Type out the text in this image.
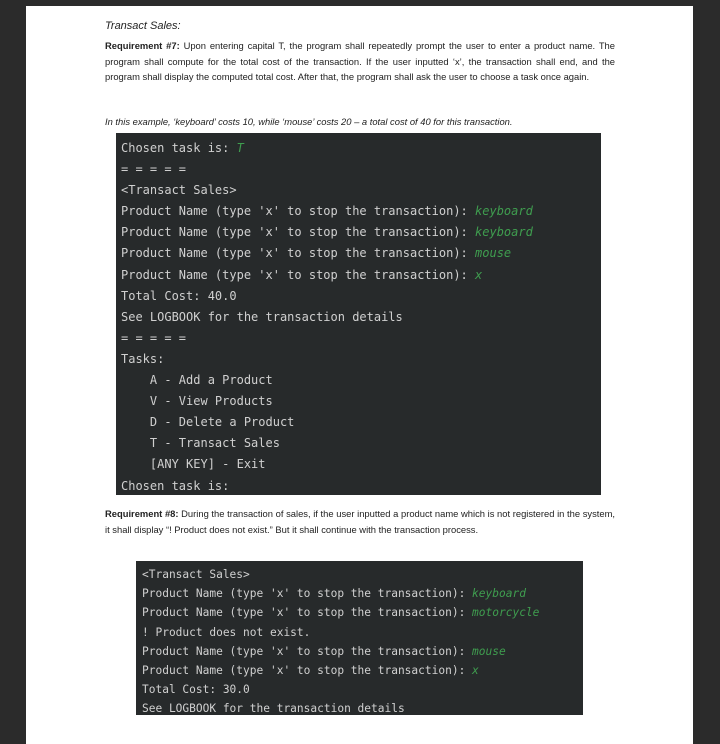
Transact Sales:
Requirement #7: Upon entering capital T, the program shall repeatedly prompt the user to enter a product name. The program shall compute for the total cost of the transaction. If the user inputted ‘x’, the transaction shall end, and the program shall display the computed total cost. After that, the program shall ask the user to choose a task once again.
In this example, ‘keyboard’ costs 10, while ‘mouse’ costs 20 – a total cost of 40 for this transaction.
Chosen task is: T
= = = = =
<Transact Sales>
Product Name (type 'x' to stop the transaction): keyboard
Product Name (type 'x' to stop the transaction): keyboard
Product Name (type 'x' to stop the transaction): mouse
Product Name (type 'x' to stop the transaction): x
Total Cost: 40.0
See LOGBOOK for the transaction details
= = = = =
Tasks:
A - Add a Product
V - View Products
D - Delete a Product
T - Transact Sales
[ANY KEY] - Exit
Chosen task is:
Requirement #8: During the transaction of sales, if the user inputted a product name which is not registered in the system, it shall display “! Product does not exist.” But it shall continue with the transaction process.
<Transact Sales>
Product Name (type 'x' to stop the transaction): keyboard
Product Name (type 'x' to stop the transaction): motorcycle
! Product does not exist.
Product Name (type 'x' to stop the transaction): mouse
Product Name (type 'x' to stop the transaction): x
Total Cost: 30.0
See LOGBOOK for the transaction details
